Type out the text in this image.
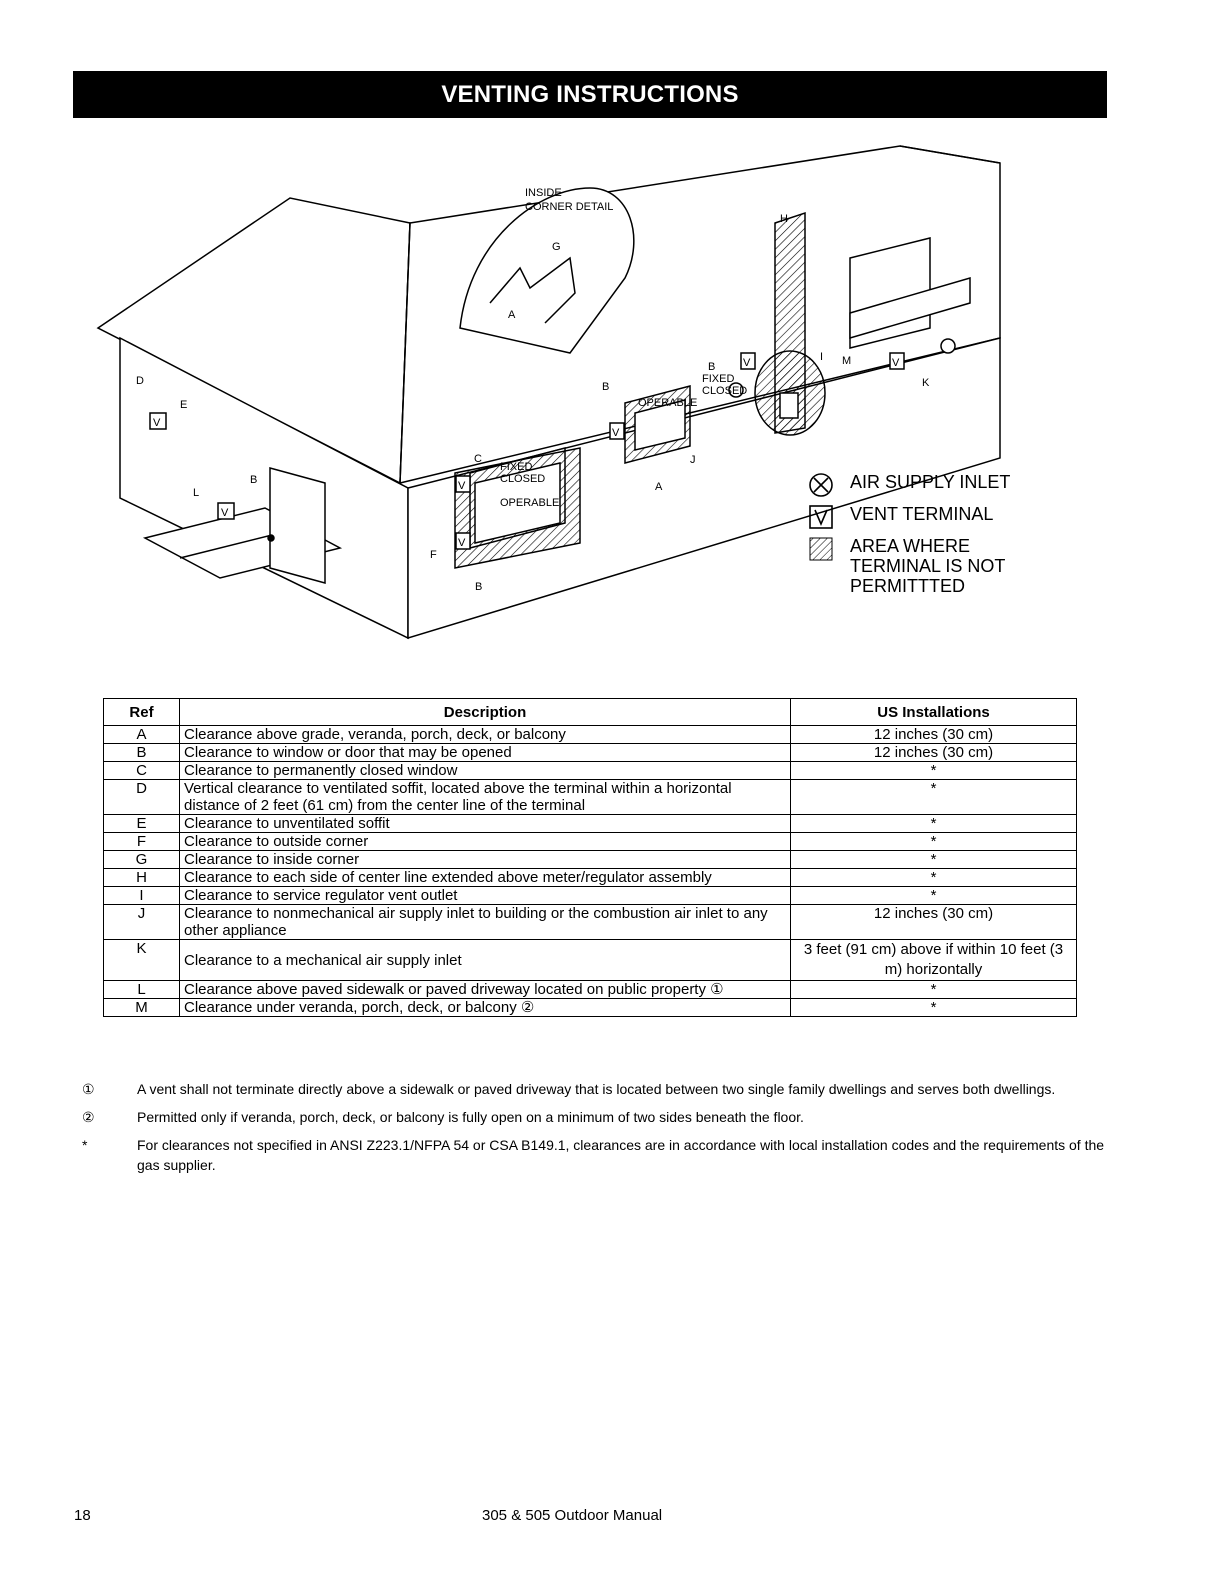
VENTING INSTRUCTIONS
INSIDE
CORNER DETAIL
FIXED
CLOSED
OPERABLE
FIXED
CLOSED
OPERABLE
A
A
B
B
B
B
C
D
E
F
G
H
I
J
K
L
M
V
V
V
V
V
V	V
AIR SUPPLY INLET
VENT TERMINAL
AREA WHERE
TERMINAL IS NOT
PERMITTTED
Ref	Description	US Installations
A	Clearance above grade, veranda, porch, deck, or balcony	12 inches (30 cm)
B	Clearance to window or door that may be opened	12 inches (30 cm)
C	Clearance to permanently closed window	*
D	Vertical clearance to ventilated soffit, located above the terminal within a horizontal distance of 2 feet (61 cm) from the center line of the terminal	*
E	Clearance to unventilated soffit	*
F	Clearance to outside corner	*
G	Clearance to inside corner	*
H	Clearance to each side of center line extended above meter/regulator assembly	*
I	Clearance to service regulator vent outlet	*
J	Clearance to nonmechanical air supply inlet to building or the combustion air inlet to any other appliance	12 inches (30 cm)
K	Clearance to a mechanical air supply inlet	3 feet (91 cm) above if within 10 feet (3 m) horizontally
L	Clearance above paved sidewalk or paved driveway located on public property ①	*
M	Clearance under veranda, porch, deck, or balcony ②	*
①	A vent shall not terminate directly above a sidewalk or paved driveway that is located between two single family dwellings and serves both dwellings.
②	Permitted only if veranda, porch, deck, or balcony is fully open on a minimum of two sides beneath the floor.
*	For clearances not specified in ANSI Z223.1/NFPA 54 or CSA B149.1, clearances are in accordance with local installation codes and the requirements of the gas supplier.
18	305 & 505 Outdoor Manual
